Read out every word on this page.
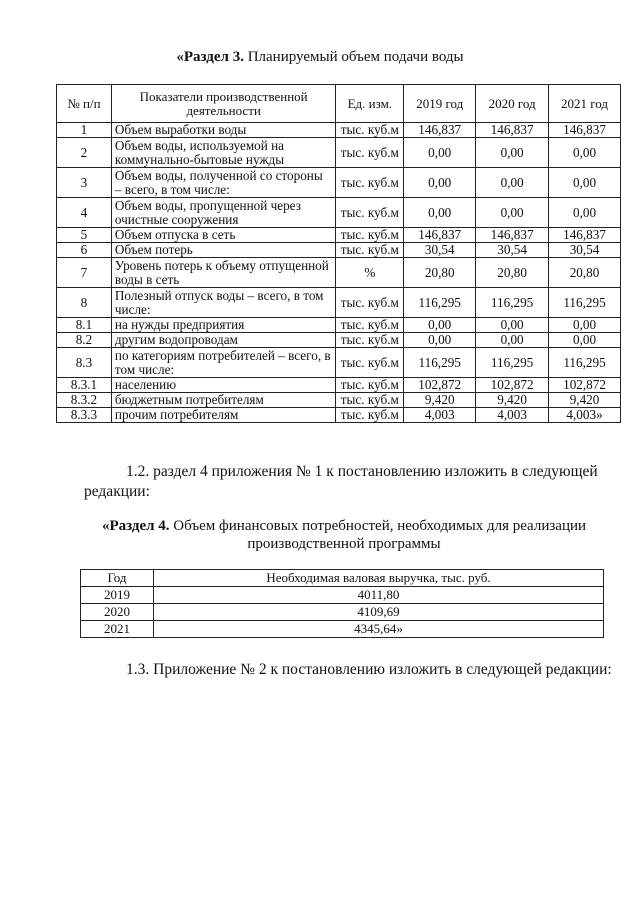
«Раздел 3. Планируемый объем подачи воды
№ п/п	Показатели производственной деятельности	Ед. изм.	2019 год	2020 год	2021 год
1	Объем выработки воды	тыс. куб.м	146,837	146,837	146,837
2	Объем воды, используемой на коммунально-бытовые нужды	тыс. куб.м	0,00	0,00	0,00
3	Объем воды, полученной со стороны – всего, в том числе:	тыс. куб.м	0,00	0,00	0,00
4	Объем воды, пропущенной через очистные сооружения	тыс. куб.м	0,00	0,00	0,00
5	Объем отпуска в сеть	тыс. куб.м	146,837	146,837	146,837
6	Объем потерь	тыс. куб.м	30,54	30,54	30,54
7	Уровень потерь к объему отпущенной воды в сеть	%	20,80	20,80	20,80
8	Полезный отпуск воды – всего, в том числе:	тыс. куб.м	116,295	116,295	116,295
8.1	на нужды предприятия	тыс. куб.м	0,00	0,00	0,00
8.2	другим водопроводам	тыс. куб.м	0,00	0,00	0,00
8.3	по категориям потребителей – всего, в том числе:	тыс. куб.м	116,295	116,295	116,295
8.3.1	населению	тыс. куб.м	102,872	102,872	102,872
8.3.2	бюджетным потребителям	тыс. куб.м	9,420	9,420	9,420
8.3.3	прочим потребителям	тыс. куб.м	4,003	4,003	4,003»
1.2. раздел 4 приложения № 1 к постановлению изложить в следующей редакции:
«Раздел 4. Объем финансовых потребностей, необходимых для реализации производственной программы
Год	Необходимая валовая выручка, тыс. руб.
2019	4011,80
2020	4109,69
2021	4345,64»
1.3. Приложение № 2 к постановлению изложить в следующей редакции:
